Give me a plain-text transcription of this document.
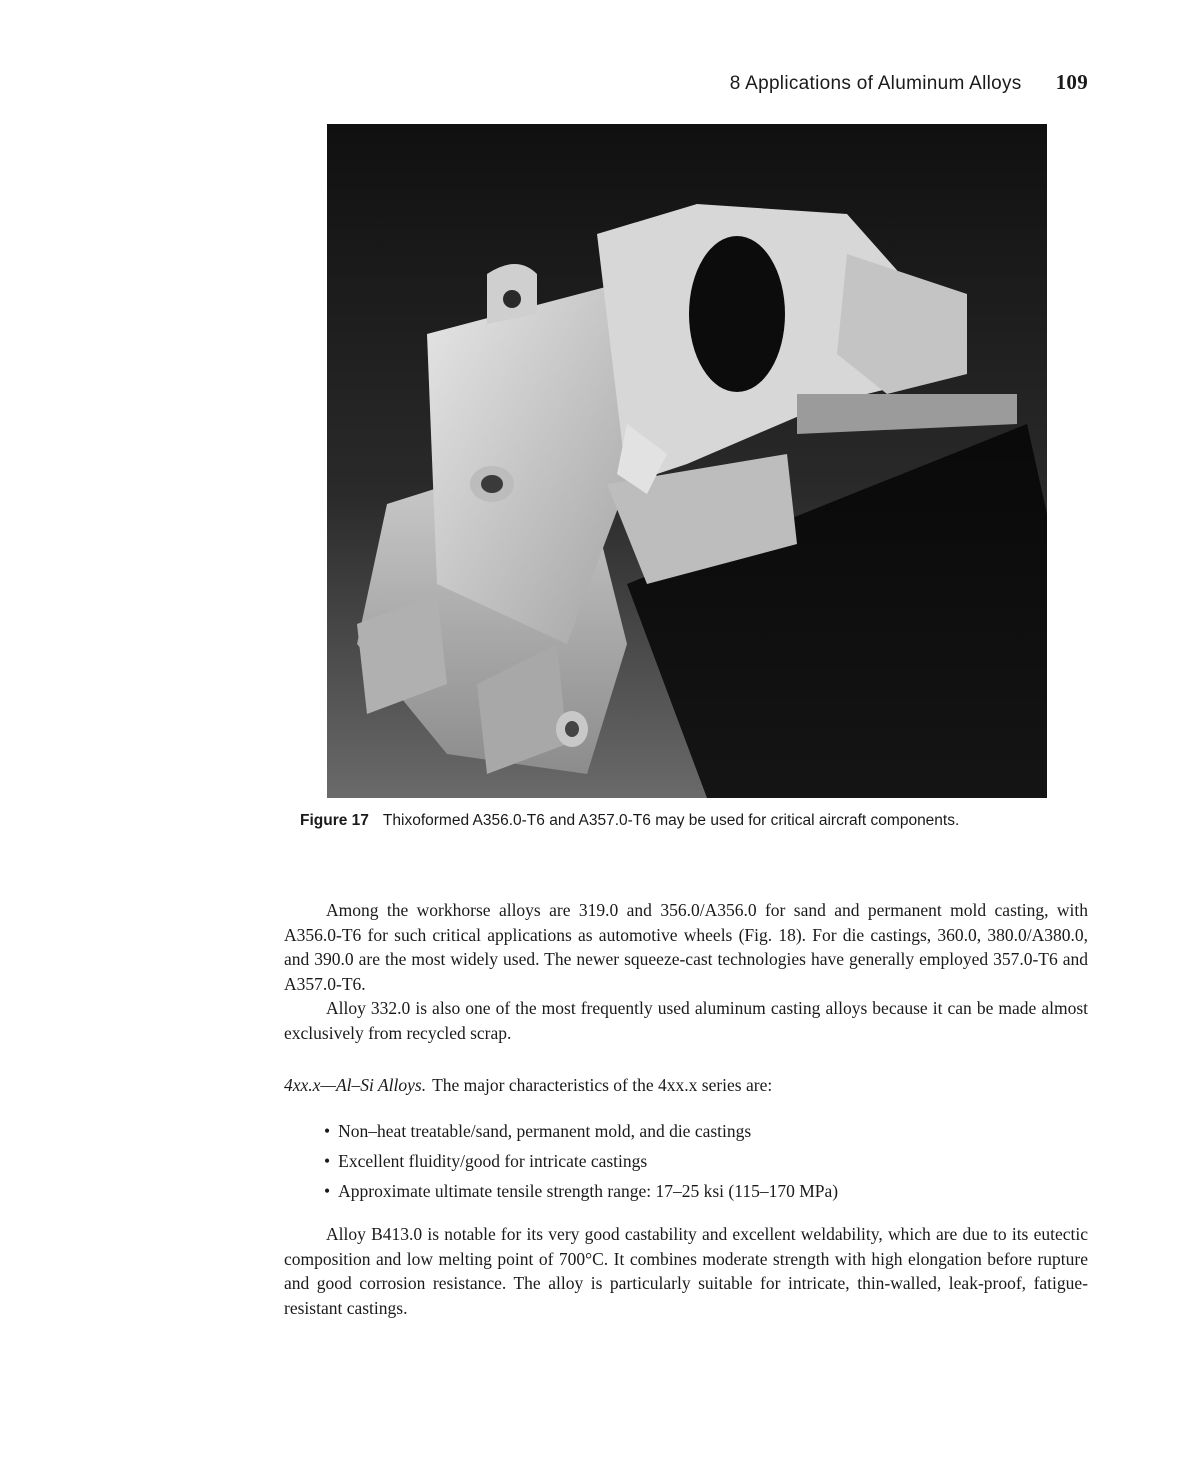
8 Applications of Aluminum Alloys 109
Figure 17 Thixoformed A356.0-T6 and A357.0-T6 may be used for critical aircraft components.

Among the workhorse alloys are 319.0 and 356.0/A356.0 for sand and permanent mold casting, with A356.0-T6 for such critical applications as automotive wheels (Fig. 18). For die castings, 360.0, 380.0/A380.0, and 390.0 are the most widely used. The newer squeeze-cast technologies have generally employed 357.0-T6 and A357.0-T6.

Alloy 332.0 is also one of the most frequently used aluminum casting alloys because it can be made almost exclusively from recycled scrap.

4xx.x—Al–Si Alloys. The major characteristics of the 4xx.x series are:
• Non–heat treatable/sand, permanent mold, and die castings
• Excellent fluidity/good for intricate castings
• Approximate ultimate tensile strength range: 17–25 ksi (115–170 MPa)

Alloy B413.0 is notable for its very good castability and excellent weldability, which are due to its eutectic composition and low melting point of 700°C. It combines moderate strength with high elongation before rupture and good corrosion resistance. The alloy is particularly suitable for intricate, thin-walled, leak-proof, fatigue-resistant castings.
